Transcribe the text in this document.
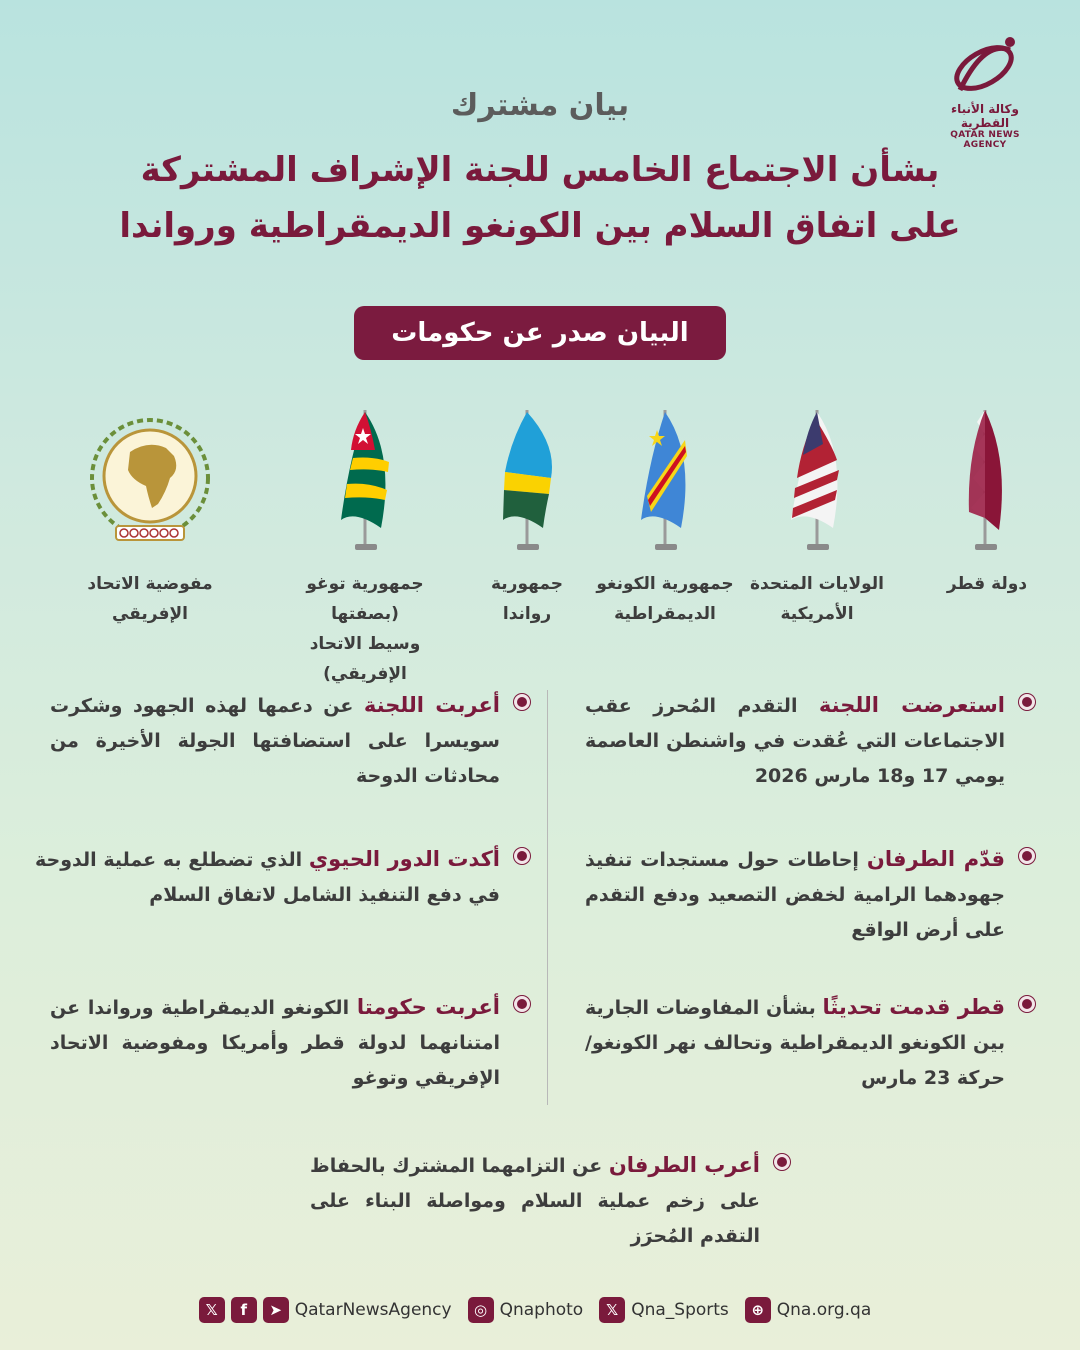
وكالة الأنباء القطرية
QATAR NEWS AGENCY
بيان مشترك
بشأن الاجتماع الخامس للجنة الإشراف المشتركة
على اتفاق السلام بين الكونغو الديمقراطية ورواندا
البيان صدر عن حكومات
دولة قطر
الولايات المتحدة
الأمريكية
جمهورية الكونغو
الديمقراطية
جمهورية
رواندا
جمهورية توغو (بصفتها
وسيط الاتحاد الإفريقي)
مفوضية الاتحاد
الإفريقي
استعرضت اللجنة التقدم المُحرز عقب الاجتماعات التي عُقدت في واشنطن العاصمة يومي 17 و18 مارس 2026
قدّم الطرفان إحاطات حول مستجدات تنفيذ جهودهما الرامية لخفض التصعيد ودفع التقدم على أرض الواقع
قطر قدمت تحديثًا بشأن المفاوضات الجارية بين الكونغو الديمقراطية وتحالف نهر الكونغو/ حركة 23 مارس
أعربت اللجنة عن دعمها لهذه الجهود وشكرت سويسرا على استضافتها الجولة الأخيرة من محادثات الدوحة
أكدت الدور الحيوي الذي تضطلع به عملية الدوحة في دفع التنفيذ الشامل لاتفاق السلام
أعربت حكومتا الكونغو الديمقراطية ورواندا عن امتنانهما لدولة قطر وأمريكا ومفوضية الاتحاد الإفريقي وتوغو
أعرب الطرفان عن التزامهما المشترك بالحفاظ على زخم عملية السلام ومواصلة البناء على التقدم المُحرَز
𝕏	f	➤ QatarNewsAgency	◎ Qnaphoto	𝕏 Qna_Sports	⊕ Qna.org.qa
